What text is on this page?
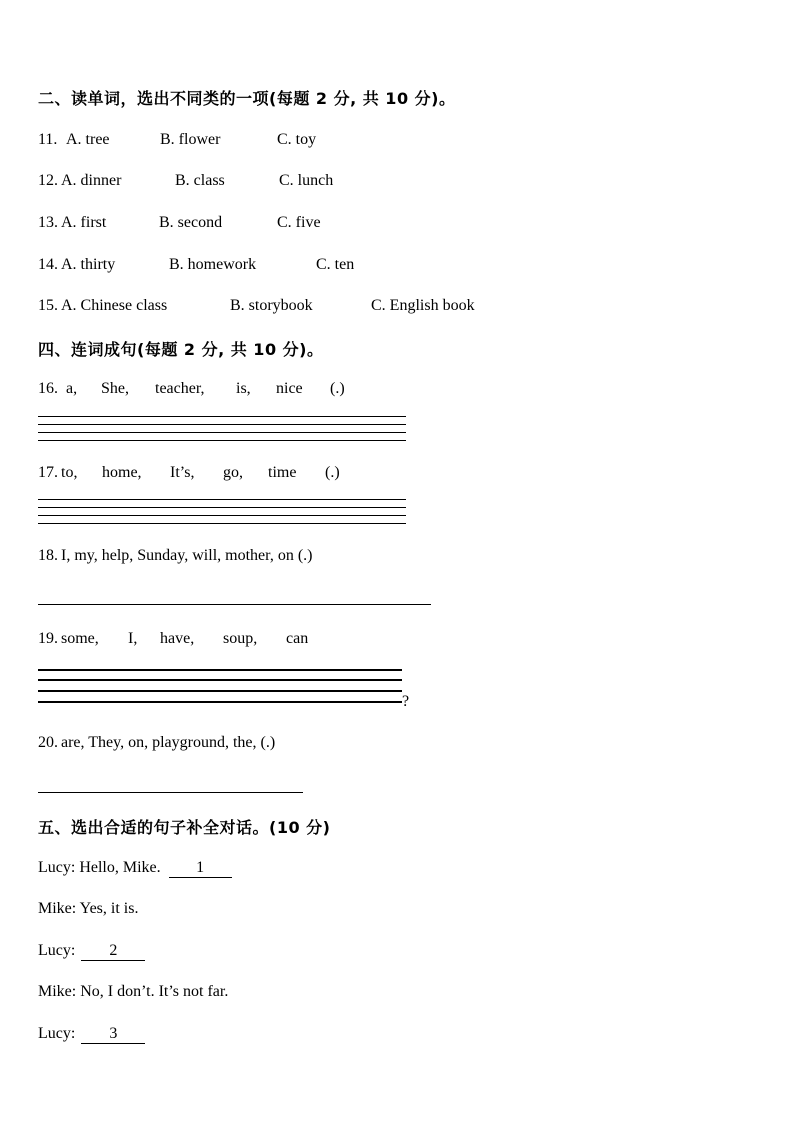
二、读单词，选出不同类的一项(每题 2 分, 共 10 分)。
11. A. tree	B. flower	C. toy
12. A. dinner	B. class	C. lunch
13. A. first	B. second	C. five
14. A. thirty	B. homework	C. ten
15. A. Chinese class	B. storybook	C. English book
四、连词成句(每题 2 分, 共 10 分)。
16. a, She, teacher, is, nice (.)
17. to, home, It’s, go, time (.)
18. I, my, help, Sunday, will, mother, on (.)
19. some, I, have, soup, can
?
20. are, They, on, playground, the, (.)
五、选出合适的句子补全对话。(10 分)
Lucy: Hello, Mike. 1
Mike: Yes, it is.
Lucy: 2
Mike: No, I don’t. It’s not far.
Lucy: 3
